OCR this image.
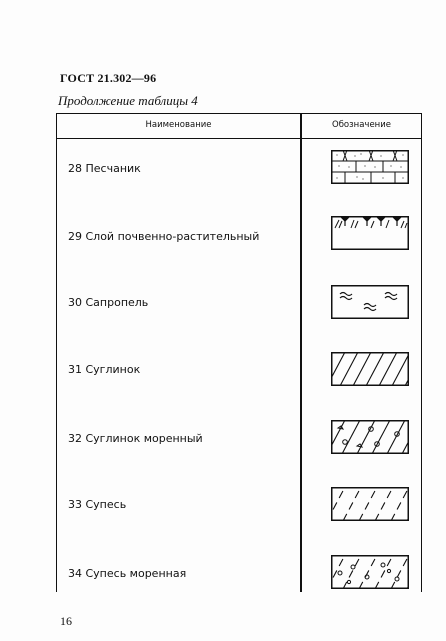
ГОСТ 21.302—96
Продолжение таблицы 4
Наименование	Обозначение
28 Песчаник
29 Слой почвенно-растительный
30 Сапропель
31 Суглинок
32 Суглинок моренный
33 Супесь
34 Супесь моренная
16
